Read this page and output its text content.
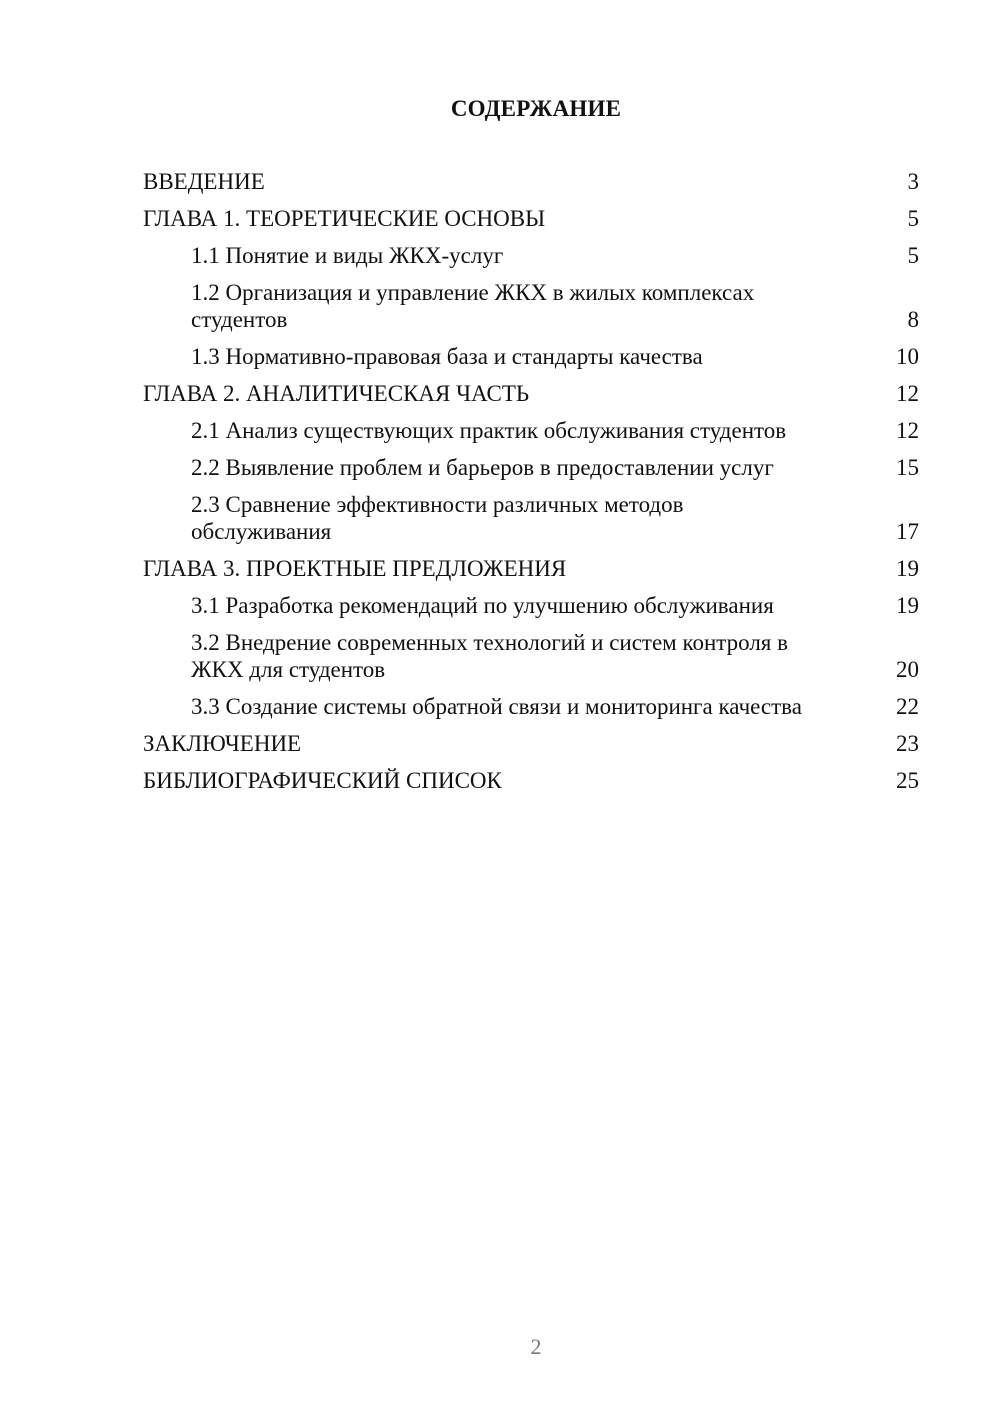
СОДЕРЖАНИЕ
ВВЕДЕНИЕ	3
ГЛАВА 1. ТЕОРЕТИЧЕСКИЕ ОСНОВЫ	5
1.1 Понятие и виды ЖКХ-услуг	5
1.2 Организация и управление ЖКХ в жилых комплексах студентов	8
1.3 Нормативно-правовая база и стандарты качества	10
ГЛАВА 2. АНАЛИТИЧЕСКАЯ ЧАСТЬ	12
2.1 Анализ существующих практик обслуживания студентов	12
2.2 Выявление проблем и барьеров в предоставлении услуг	15
2.3 Сравнение эффективности различных методов обслуживания	17
ГЛАВА 3. ПРОЕКТНЫЕ ПРЕДЛОЖЕНИЯ	19
3.1 Разработка рекомендаций по улучшению обслуживания	19
3.2 Внедрение современных технологий и систем контроля в ЖКХ для студентов	20
3.3 Создание системы обратной связи и мониторинга качества	22
ЗАКЛЮЧЕНИЕ	23
БИБЛИОГРАФИЧЕСКИЙ СПИСОК	25
2
